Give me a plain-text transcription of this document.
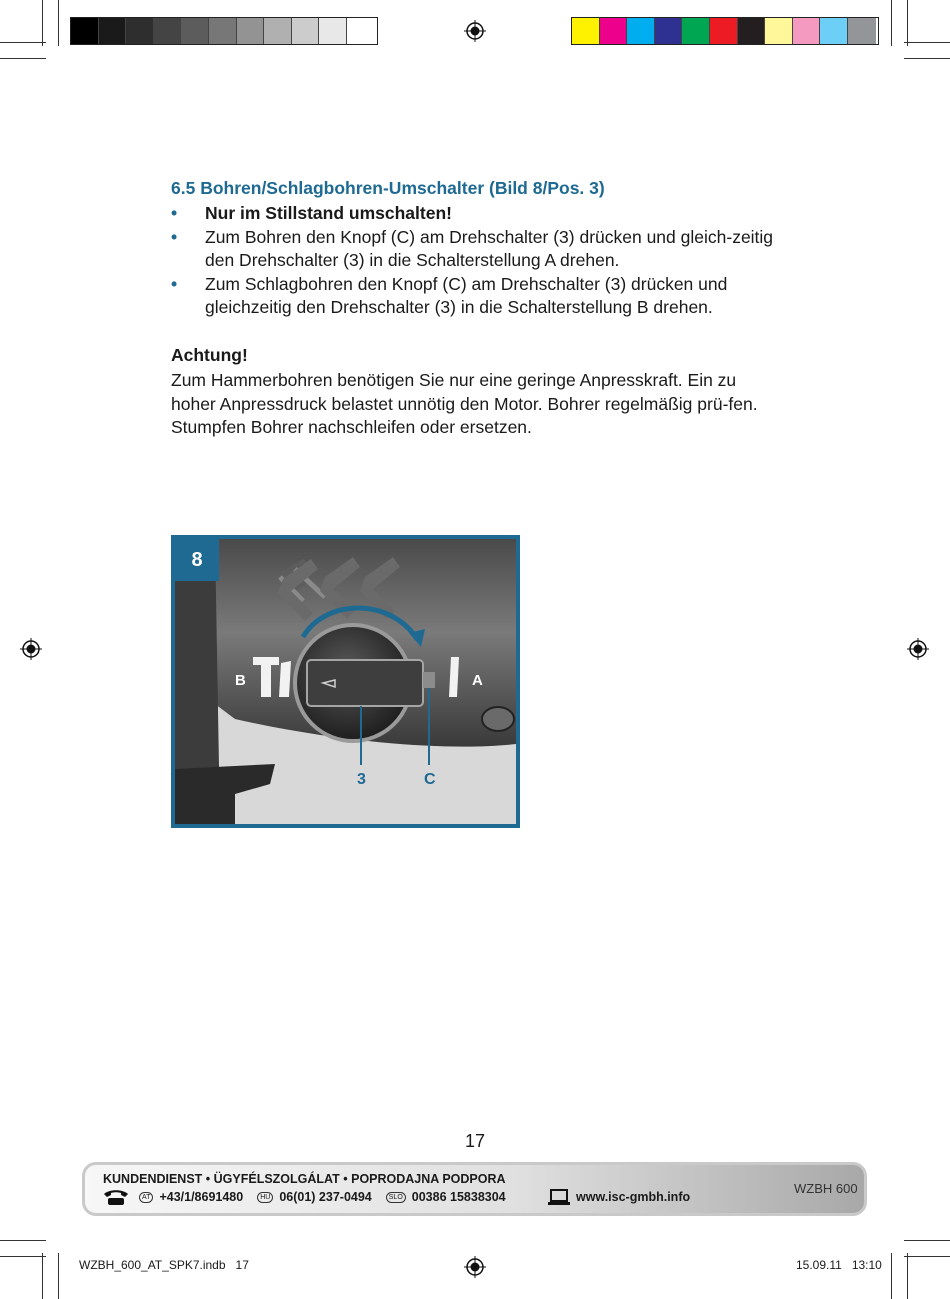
6.5 Bohren/Schlagbohren-Umschalter (Bild 8/Pos. 3)
• Nur im Stillstand umschalten!
• Zum Bohren den Knopf (C) am Drehschalter (3) drücken und gleich-zeitig den Drehschalter (3) in die Schalterstellung A drehen.
• Zum Schlagbohren den Knopf (C) am Drehschalter (3) drücken und gleichzeitig den Drehschalter (3) in die Schalterstellung B drehen.
Achtung!
Zum Hammerbohren benötigen Sie nur eine geringe Anpresskraft. Ein zu hoher Anpressdruck belastet unnötig den Motor. Bohrer regelmäßig prü-fen. Stumpfen Bohrer nachschleifen oder ersetzen.
8
B	A
3	C
17
KUNDENDIENST • ÜGYFÉLSZOLGÁLAT • POPRODAJNA PODPORA
AT +43/1/8691480	HU 06(01) 237-0494	SLO 00386 15838304	www.isc-gmbh.info
WZBH 600
WZBH_600_AT_SPK7.indb   17	15.09.11   13:10
